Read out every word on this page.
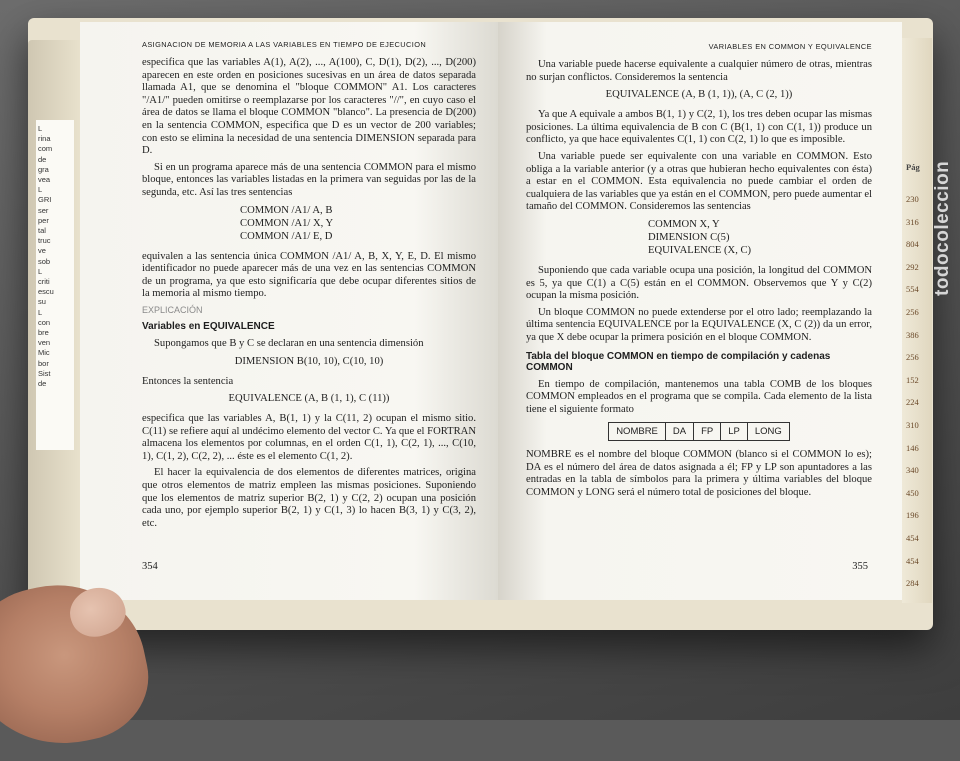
L
rina
com
de
gra
vea
L
GRI
ser
per
tal
truc
ve
sob
L
criti
escu
su
L
con
bre
ven
Mic
bor
Sist
de
ASIGNACION DE MEMORIA A LAS VARIABLES EN TIEMPO DE EJECUCION

especifica que las variables A(1), A(2), ..., A(100), C, D(1), D(2), ..., D(200) aparecen en este orden en posiciones sucesivas en un área de datos separada llamada A1, que se denomina el "bloque COMMON" A1. Los caracteres "/A1/" pueden omitirse o reemplazarse por los caracteres "//", en cuyo caso el área de datos se llama el bloque COMMON "blanco". La presencia de D(200) en la sentencia COMMON, especifica que D es un vector de 200 variables; con esto se elimina la necesidad de una sentencia DIMENSION separada para D.

Si en un programa aparece más de una sentencia COMMON para el mismo bloque, entonces las variables listadas en la primera van seguidas por las de la segunda, etc. Así las tres sentencias

COMMON /A1/ A, B
COMMON /A1/ X, Y
COMMON /A1/ E, D

equivalen a las sentencia única COMMON /A1/ A, B, X, Y, E, D. El mismo identificador no puede aparecer más de una vez en las sentencias COMMON de un programa, ya que esto significaría que debe ocupar diferentes sitios de la memoria al mismo tiempo.

EXPLICACIÓN
Variables en EQUIVALENCE

Supongamos que B y C se declaran en una sentencia dimensión

DIMENSION B(10, 10), C(10, 10)

Entonces la sentencia

EQUIVALENCE (A, B (1, 1), C (11))

especifica que las variables A, B(1, 1) y la C(11, 2) ocupan el mismo sitio. C(11) se refiere aquí al undécimo elemento del vector C. Ya que el FORTRAN almacena los elementos por columnas, en el orden C(1, 1), C(2, 1), ..., C(10, 1), C(1, 2), C(2, 2), ... éste es el elemento C(1, 2).

El hacer la equivalencia de dos elementos de diferentes matrices, origina que otros elementos de matriz empleen las mismas posiciones. Suponiendo que los elementos de matriz superior B(2, 1) y C(2, 2) ocupan una posición cada uno, por ejemplo superior B(2, 1) y C(1, 3) lo hacen B(3, 1) y C(3, 2), etc.

354
VARIABLES EN COMMON Y EQUIVALENCE

Una variable puede hacerse equivalente a cualquier número de otras, mientras no surjan conflictos. Consideremos la sentencia

EQUIVALENCE (A, B (1, 1)), (A, C (2, 1))

Ya que A equivale a ambos B(1, 1) y C(2, 1), los tres deben ocupar las mismas posiciones. La última equivalencia de B con C (B(1, 1) con C(1, 1)) produce un conflicto, ya que hace equivalentes C(1, 1) con C(2, 1) lo que es imposible.

Una variable puede ser equivalente con una variable en COMMON. Esto obliga a la variable anterior (y a otras que hubieran hecho equivalentes con ésta) a estar en el COMMON. Esta equivalencia no puede cambiar el orden de cualquiera de las variables que ya están en el COMMON, pero puede aumentar el tamaño del COMMON. Consideremos las sentencias

COMMON X, Y
DIMENSION C(5)
EQUIVALENCE (X, C)

Suponiendo que cada variable ocupa una posición, la longitud del COMMON es 5, ya que C(1) a C(5) están en el COMMON. Observemos que Y y C(2) ocupan la misma posición.

Un bloque COMMON no puede extenderse por el otro lado; reemplazando la última sentencia EQUIVALENCE por la EQUIVALENCE (X, C (2)) da un error, ya que X debe ocupar la primera posición en el bloque COMMON.

Tabla del bloque COMMON en tiempo de compilación y cadenas COMMON

En tiempo de compilación, mantenemos una tabla COMB de los bloques COMMON empleados en el programa que se compila. Cada elemento de la lista tiene el siguiente formato

NOMBRE	DA	FP	LP	LONG

NOMBRE es el nombre del bloque COMMON (blanco si el COMMON lo es); DA es el número del área de datos asignada a él; FP y LP son apuntadores a las entradas en la tabla de símbolos para la primera y última variables del bloque COMMON y LONG será el número total de posiciones del bloque.

355
Pág
230
316
804
292
554
256
386
256
152
224
310
146
340
450
196
454
454
284
todocoleccion
